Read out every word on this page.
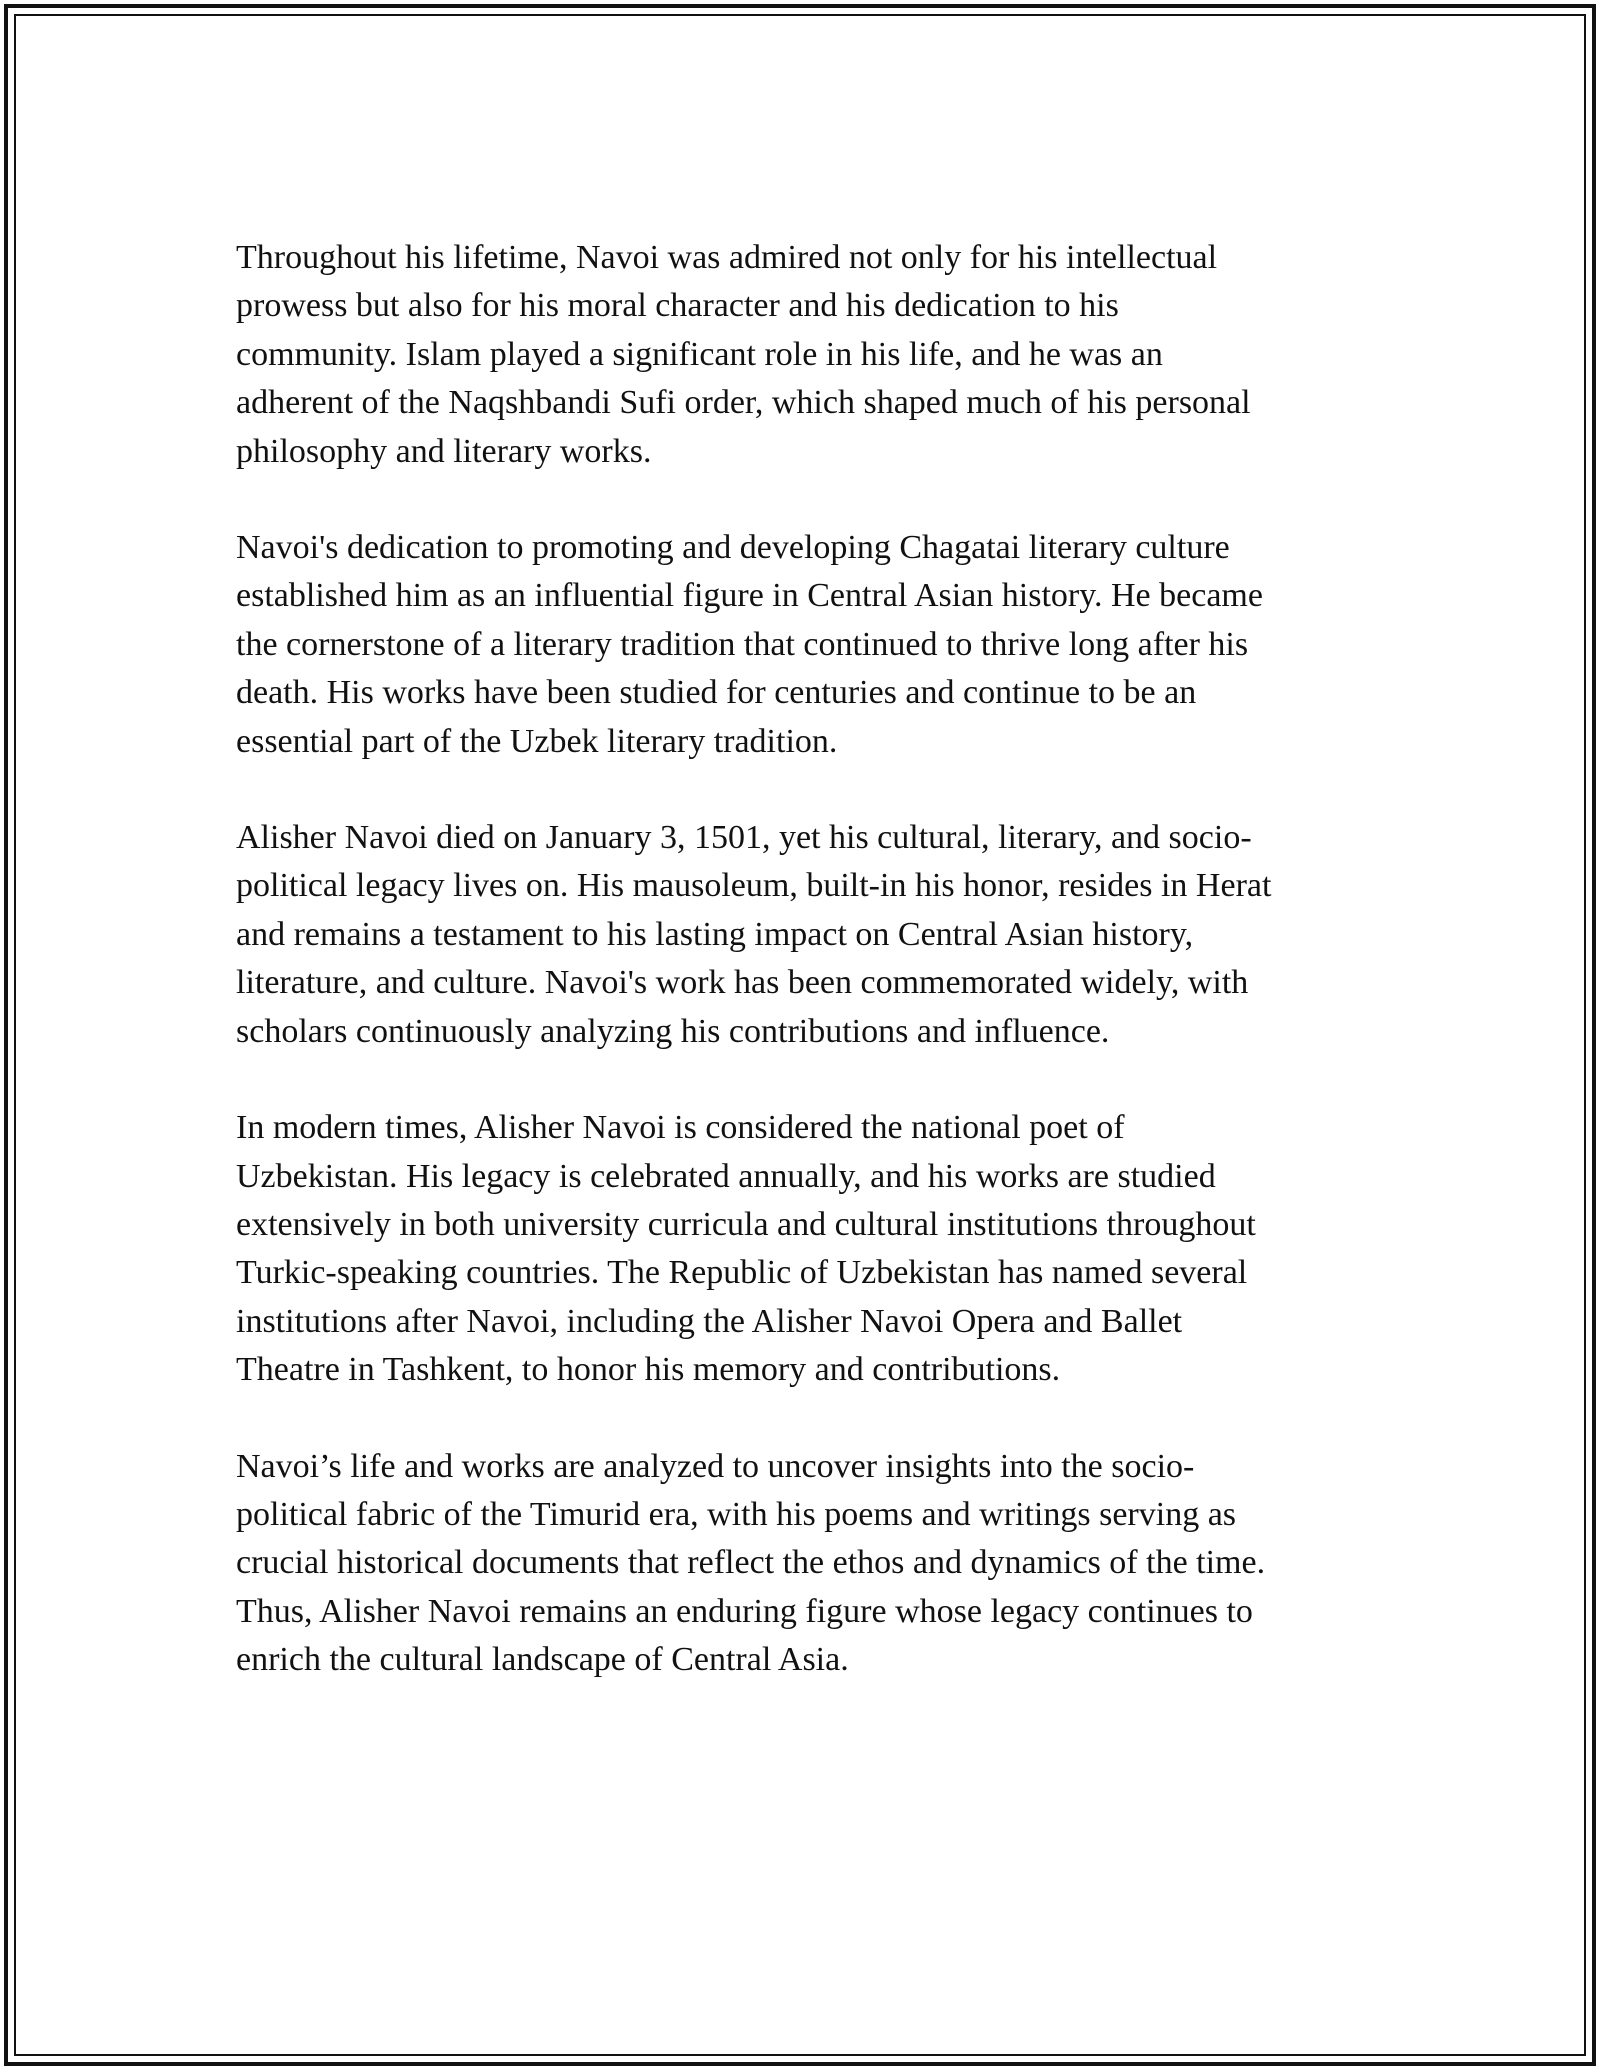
Throughout his lifetime, Navoi was admired not only for his intellectual
prowess but also for his moral character and his dedication to his
community. Islam played a significant role in his life, and he was an
adherent of the Naqshbandi Sufi order, which shaped much of his personal
philosophy and literary works.

Navoi's dedication to promoting and developing Chagatai literary culture
established him as an influential figure in Central Asian history. He became
the cornerstone of a literary tradition that continued to thrive long after his
death. His works have been studied for centuries and continue to be an
essential part of the Uzbek literary tradition.

Alisher Navoi died on January 3, 1501, yet his cultural, literary, and socio-
political legacy lives on. His mausoleum, built-in his honor, resides in Herat
and remains a testament to his lasting impact on Central Asian history,
literature, and culture. Navoi's work has been commemorated widely, with
scholars continuously analyzing his contributions and influence.

In modern times, Alisher Navoi is considered the national poet of
Uzbekistan. His legacy is celebrated annually, and his works are studied
extensively in both university curricula and cultural institutions throughout
Turkic-speaking countries. The Republic of Uzbekistan has named several
institutions after Navoi, including the Alisher Navoi Opera and Ballet
Theatre in Tashkent, to honor his memory and contributions.

Navoi’s life and works are analyzed to uncover insights into the socio-
political fabric of the Timurid era, with his poems and writings serving as
crucial historical documents that reflect the ethos and dynamics of the time.
Thus, Alisher Navoi remains an enduring figure whose legacy continues to
enrich the cultural landscape of Central Asia.
